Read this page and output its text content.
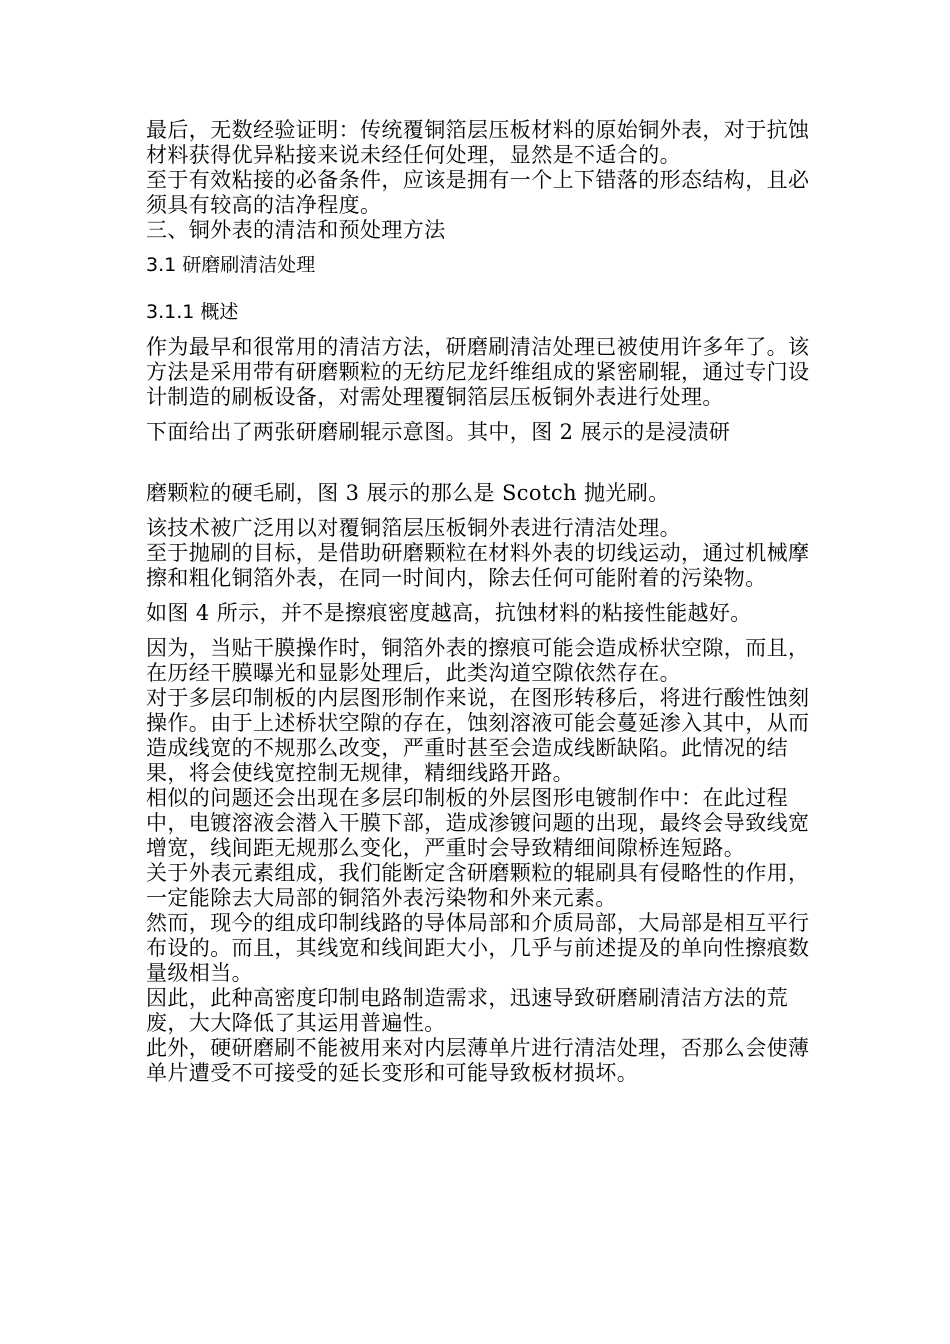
最后，无数经验证明：传统覆铜箔层压板材料的原始铜外表，对于抗蚀材料获得优异粘接来说未经任何处理，显然是不适合的。

至于有效粘接的必备条件，应该是拥有一个上下错落的形态结构，且必须具有较高的洁净程度。

三、铜外表的清洁和预处理方法

3.1 研磨刷清洁处理

3.1.1 概述

作为最早和很常用的清洁方法，研磨刷清洁处理已被使用许多年了。该方法是采用带有研磨颗粒的无纺尼龙纤维组成的紧密刷辊，通过专门设计制造的刷板设备，对需处理覆铜箔层压板铜外表进行处理。

下面给出了两张研磨刷辊示意图。其中，图 2 展示的是浸渍研

磨颗粒的硬毛刷，图 3 展示的那么是 Scotch 抛光刷。

该技术被广泛用以对覆铜箔层压板铜外表进行清洁处理。

至于抛刷的目标，是借助研磨颗粒在材料外表的切线运动，通过机械摩擦和粗化铜箔外表，在同一时间内，除去任何可能附着的污染物。

如图 4 所示，并不是擦痕密度越高，抗蚀材料的粘接性能越好。

因为，当贴干膜操作时，铜箔外表的擦痕可能会造成桥状空隙，而且，在历经干膜曝光和显影处理后，此类沟道空隙依然存在。

对于多层印制板的内层图形制作来说，在图形转移后，将进行酸性蚀刻操作。由于上述桥状空隙的存在，蚀刻溶液可能会蔓延渗入其中，从而造成线宽的不规那么改变，严重时甚至会造成线断缺陷。此情况的结果，将会使线宽控制无规律，精细线路开路。

相似的问题还会出现在多层印制板的外层图形电镀制作中：在此过程中，电镀溶液会潜入干膜下部，造成渗镀问题的出现，最终会导致线宽增宽，线间距无规那么变化，严重时会导致精细间隙桥连短路。

关于外表元素组成，我们能断定含研磨颗粒的辊刷具有侵略性的作用，一定能除去大局部的铜箔外表污染物和外来元素。

然而，现今的组成印制线路的导体局部和介质局部，大局部是相互平行布设的。而且，其线宽和线间距大小，几乎与前述提及的单向性擦痕数量级相当。

因此，此种高密度印制电路制造需求，迅速导致研磨刷清洁方法的荒废，大大降低了其运用普遍性。

此外，硬研磨刷不能被用来对内层薄单片进行清洁处理，否那么会使薄单片遭受不可接受的延长变形和可能导致板材损坏。
